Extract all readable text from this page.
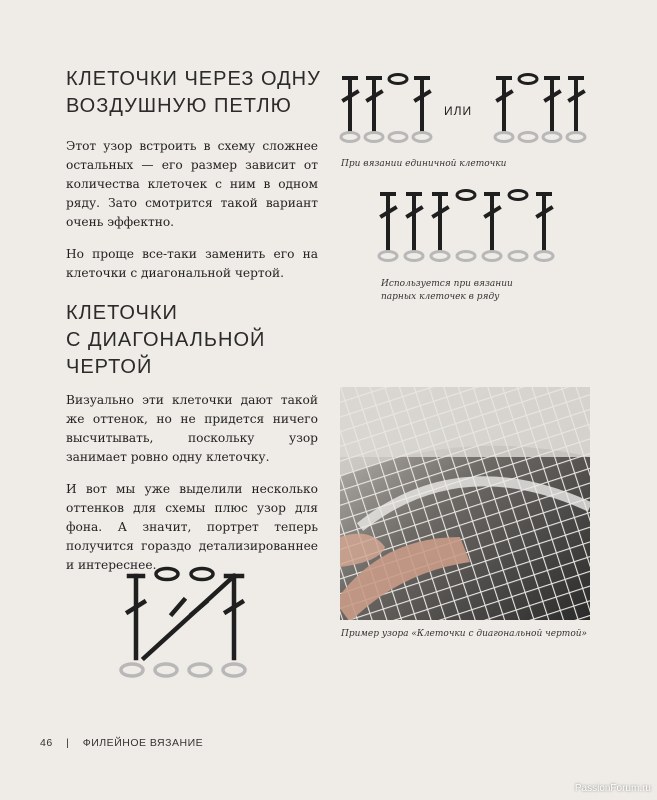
КЛЕТОЧКИ ЧЕРЕЗ ОДНУ
ВОЗДУШНУЮ ПЕТЛЮ

Этот узор встроить в схему сложнее остальных — его размер зависит от количества клеточек с ним в одном ряду. Зато смотрится такой вариант очень эффектно.

Но проще все-таки заменить его на клеточки с диагональной чертой.

КЛЕТОЧКИ
С ДИАГОНАЛЬНОЙ
ЧЕРТОЙ

Визуально эти клеточки дают такой же оттенок, но не придется ничего высчитывать, поскольку узор занимает ровно одну клеточку.

И вот мы уже выделили несколько оттенков для схемы плюс узор для фона. А значит, портрет теперь получится гораздо детализированнее и интереснее.

ИЛИ
При вязании единичной клеточки
Используется при вязании
парных клеточек в ряду
Пример узора «Клеточки с диагональной чертой»
46 | ФИЛЕЙНОЕ ВЯЗАНИЕ
PassionForum.ru
